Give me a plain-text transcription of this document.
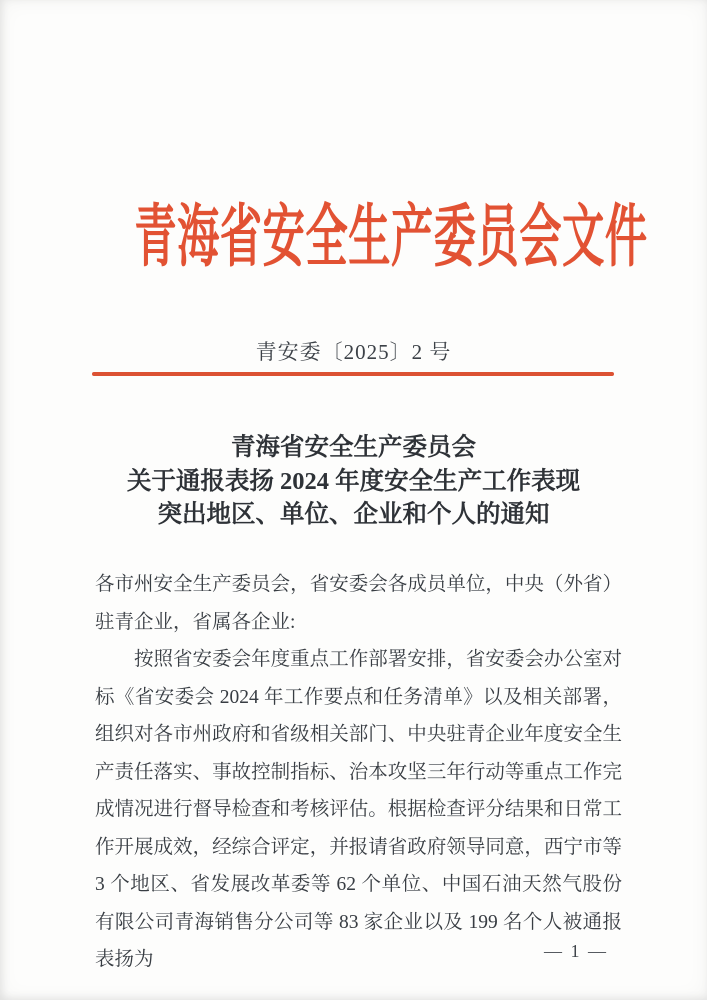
青海省安全生产委员会文件
青安委〔2025〕2 号
青海省安全生产委员会
关于通报表扬 2024 年度安全生产工作表现
突出地区、单位、企业和个人的通知

各市州安全生产委员会，省安委会各成员单位，中央（外省）驻青企业，省属各企业:

按照省安委会年度重点工作部署安排，省安委会办公室对标《省安委会 2024 年工作要点和任务清单》以及相关部署，组织对各市州政府和省级相关部门、中央驻青企业年度安全生产责任落实、事故控制指标、治本攻坚三年行动等重点工作完成情况进行督导检查和考核评估。根据检查评分结果和日常工作开展成效，经综合评定，并报请省政府领导同意，西宁市等 3 个地区、省发展改革委等 62 个单位、中国石油天然气股份有限公司青海销售分公司等 83 家企业以及 199 名个人被通报表扬为	— 1 —
